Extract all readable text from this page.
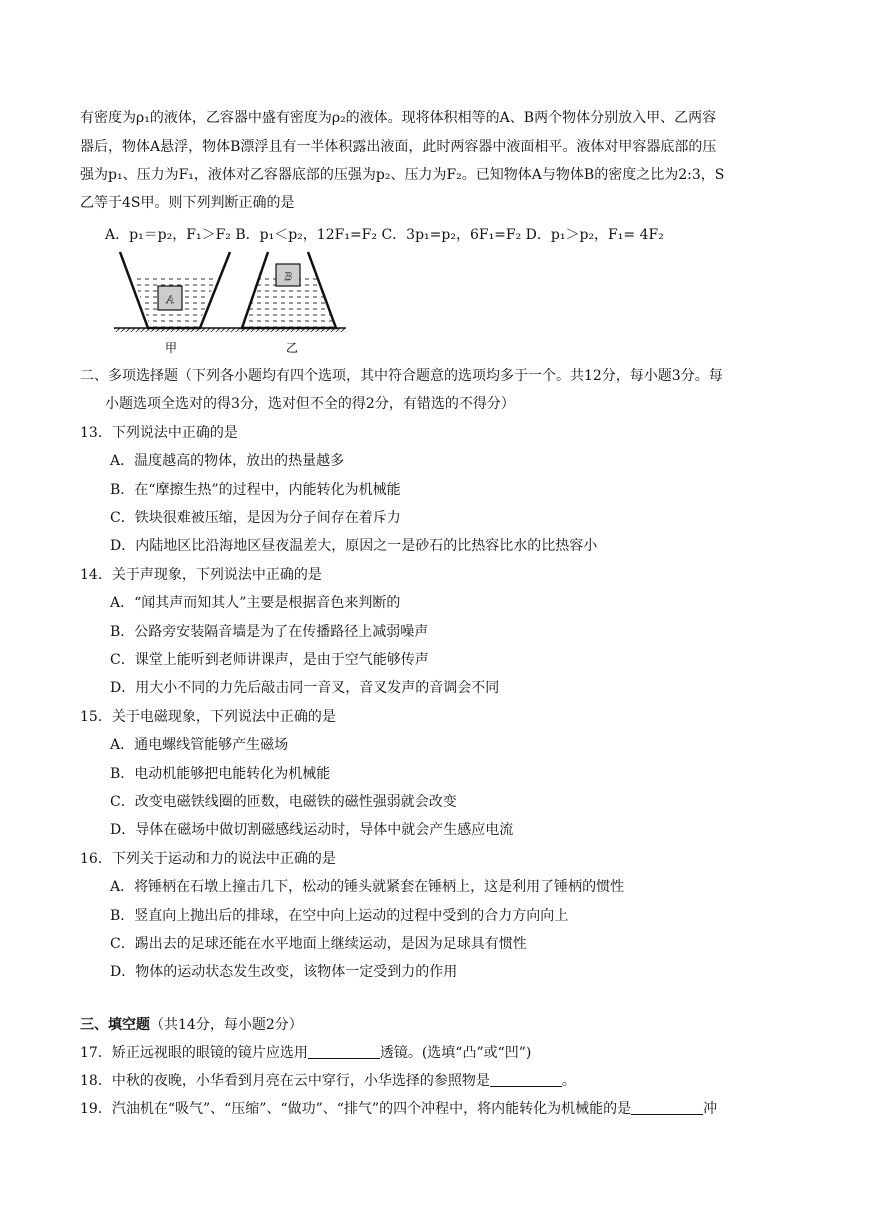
有密度为ρ₁的液体，乙容器中盛有密度为ρ₂的液体。现将体积相等的A、B两个物体分别放入甲、乙两容
器后，物体A悬浮，物体B漂浮且有一半体积露出液面，此时两容器中液面相平。液体对甲容器底部的压
强为p₁、压力为F₁，液体对乙容器底部的压强为p₂、压力为F₂。已知物体A与物体B的密度之比为2:3，S
乙等于4S甲。则下列判断正确的是
A．p₁＝p₂，F₁＞F₂ B．p₁＜p₂，12F₁=F₂ C．3p₁=p₂，6F₁=F₂ D．p₁＞p₂，F₁= 4F₂
A
B
甲	乙
二、多项选择题（下列各小题均有四个选项，其中符合题意的选项均多于一个。共12分，每小题3分。每
小题选项全选对的得3分，选对但不全的得2分，有错选的不得分）
13．下列说法中正确的是
A．温度越高的物体，放出的热量越多
B．在“摩擦生热”的过程中，内能转化为机械能
C．铁块很难被压缩，是因为分子间存在着斥力
D．内陆地区比沿海地区昼夜温差大，原因之一是砂石的比热容比水的比热容小
14．关于声现象，下列说法中正确的是
A．“闻其声而知其人”主要是根据音色来判断的
B．公路旁安装隔音墙是为了在传播路径上减弱噪声
C．课堂上能听到老师讲课声，是由于空气能够传声
D．用大小不同的力先后敲击同一音叉，音叉发声的音调会不同
15．关于电磁现象，下列说法中正确的是
A．通电螺线管能够产生磁场
B．电动机能够把电能转化为机械能
C．改变电磁铁线圈的匝数，电磁铁的磁性强弱就会改变
D．导体在磁场中做切割磁感线运动时，导体中就会产生感应电流
16．下列关于运动和力的说法中正确的是
A．将锤柄在石墩上撞击几下，松动的锤头就紧套在锤柄上，这是利用了锤柄的惯性
B．竖直向上抛出后的排球，在空中向上运动的过程中受到的合力方向向上
C．踢出去的足球还能在水平地面上继续运动，是因为足球具有惯性
D．物体的运动状态发生改变，该物体一定受到力的作用
三、填空题（共14分，每小题2分）
17．矫正远视眼的眼镜的镜片应选用	透镜。(选填“凸”或“凹”)
18．中秋的夜晚，小华看到月亮在云中穿行，小华选择的参照物是	。
19．汽油机在“吸气”、“压缩”、“做功”、“排气”的四个冲程中，将内能转化为机械能的是	冲
